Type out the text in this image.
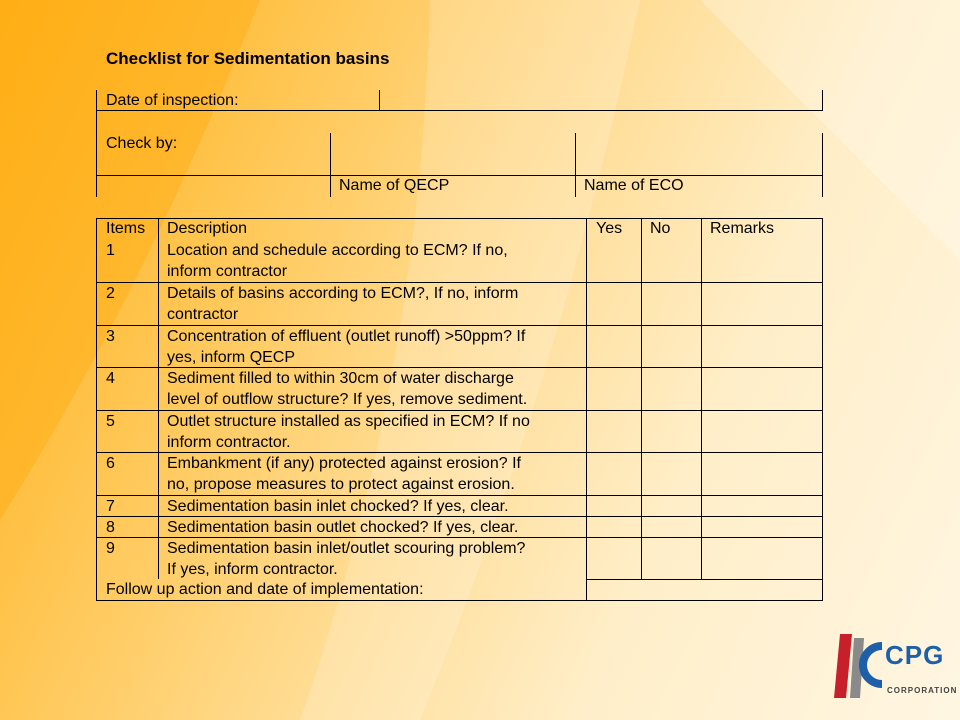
Checklist for Sedimentation basins
Date of inspection:
Check by:
Name of QECP	Name of ECO
Items Description	Yes No Remarks
1	Location and schedule according to ECM? If no,
inform contractor
2	Details of basins according to ECM?, If no, inform
contractor
3	Concentration of effluent (outlet runoff) >50ppm? If
yes, inform QECP
4	Sediment filled to within 30cm of water discharge
level of outflow structure? If yes, remove sediment.
5	Outlet structure installed as specified in ECM? If no
inform contractor.
6	Embankment (if any) protected against erosion? If
no, propose measures to protect against erosion.
7	Sedimentation basin inlet chocked? If yes, clear.
8	Sedimentation basin outlet chocked? If yes, clear.
9	Sedimentation basin inlet/outlet scouring problem?
If yes, inform contractor.
Follow up action and date of implementation:
CPG
CORPORATION
